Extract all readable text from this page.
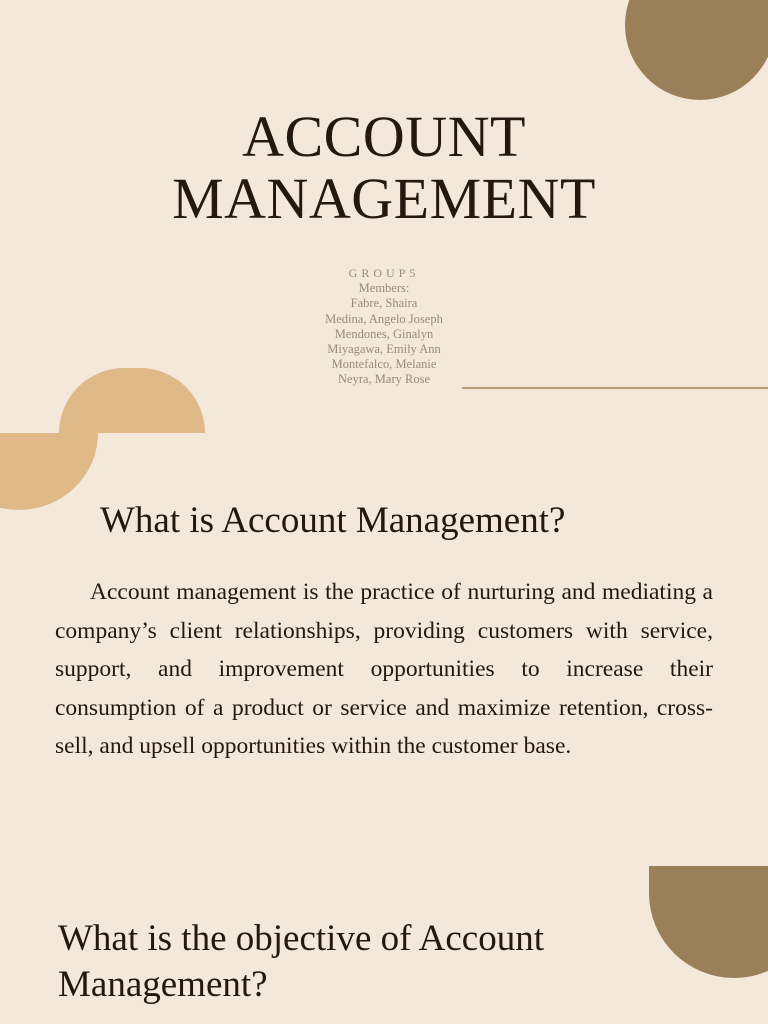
ACCOUNT
MANAGEMENT
GROUP5
Members:
Fabre, Shaira
Medina, Angelo Joseph
Mendones, Ginalyn
Miyagawa, Emily Ann
Montefalco, Melanie
Neyra, Mary Rose
What is Account Management?

Account management is the practice of nurturing and mediating a company’s client relationships, providing customers with service, support, and improvement opportunities to increase their consumption of a product or service and maximize retention, cross-sell, and upsell opportunities within the customer base.

What is the objective of Account Management?
